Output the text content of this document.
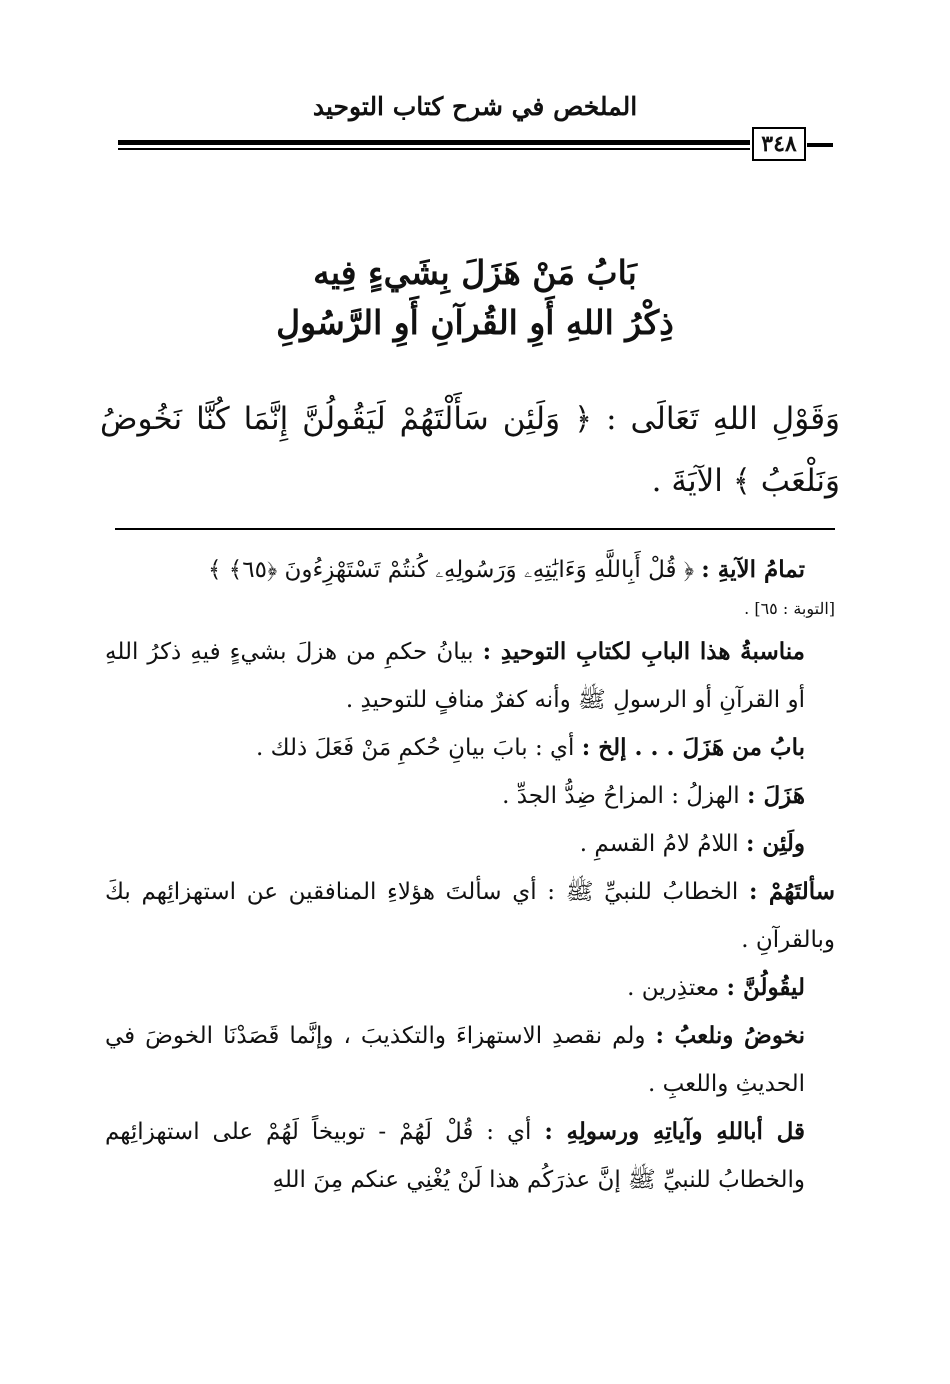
الملخص في شرح كتاب التوحيد
٣٤٨
بَابُ مَنْ هَزَلَ بِشَيءٍ فِيه
ذِكْرُ اللهِ أَوِ القُرآنِ أَوِ الرَّسُولِ
وَقَوْلِ اللهِ تَعَالَى : ﴿ وَلَئِن سَأَلْتَهُمْ لَيَقُولُنَّ إِنَّمَا كُنَّا نَخُوضُ وَنَلْعَبُ ﴾ الآيَةَ .

تمامُ الآيةِ : ﴿ قُلْ أَبِاللَّهِ وَءَايَٰتِهِۦ وَرَسُولِهِۦ كُنتُمْ تَسْتَهْزِءُونَ ﴿٦٥﴾ ﴾

[التوبة : ٦٥] .

مناسبةُ هذا البابِ لكتابِ التوحيدِ : بيانُ حكمِ من هزلَ بشيءٍ فيهِ ذكرُ اللهِ أو القرآنِ أو الرسولِ ﷺ وأنه كفرٌ منافٍ للتوحيدِ .

بابُ من هَزَلَ . . . إلخ : أي : بابَ بيانِ حُكمِ مَنْ فَعَلَ ذلك .

هَزَلَ : الهزلُ : المزاحُ ضِدُّ الجدِّ .

ولَئِن : اللامُ لامُ القسمِ .

سألتَهُمْ : الخطابُ للنبيِّ ﷺ : أي سألتَ هؤلاءِ المنافقين عن استهزائِهم بكَ وبالقرآنِ .

ليقُولُنَّ : معتذِرين .

نخوضُ ونلعبُ : ولم نقصدِ الاستهزاءَ والتكذيبَ ، وإنَّما قَصَدْنَا الخوضَ في الحديثِ واللعبِ .

قل أباللهِ وآياتِهِ ورسولِهِ : أي : قُلْ لَهُمْ - توبيخاً لَهُمْ على استهزائِهم والخطابُ للنبيِّ ﷺ إنَّ عذرَكُم هذا لَنْ يُغْنِي عنكم مِنَ اللهِ
